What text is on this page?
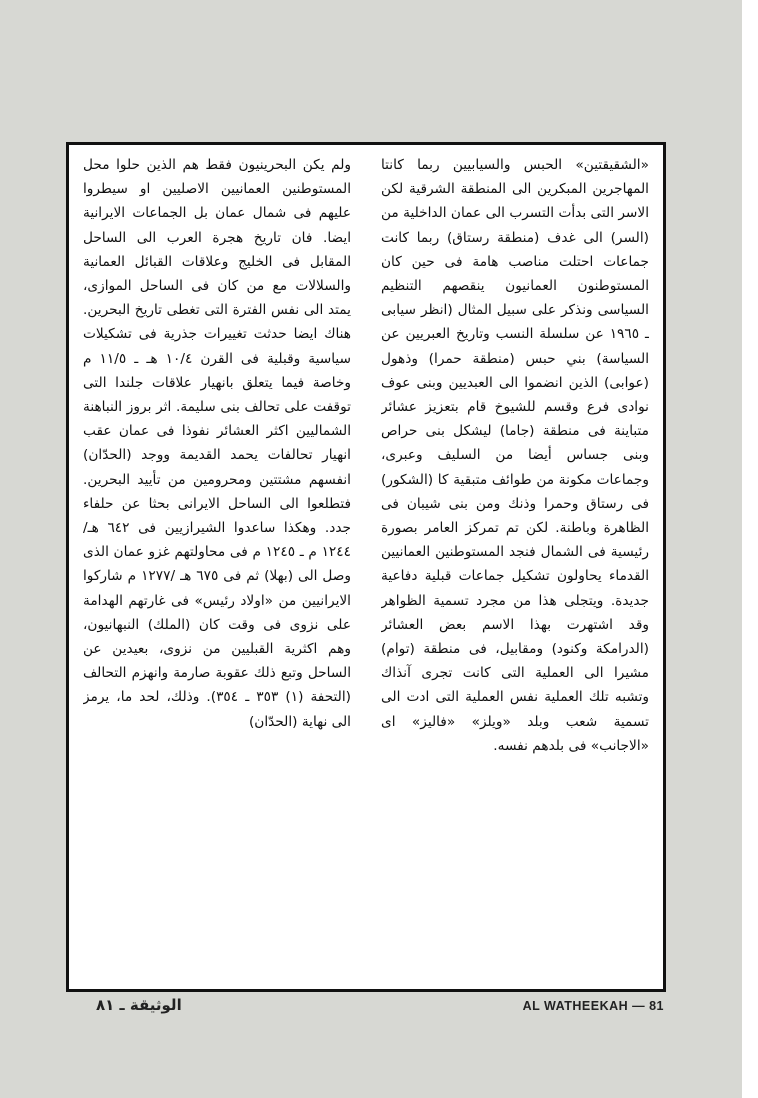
«الشقيقتين» الحبس والسيابيين ربما كانتا المهاجرين المبكرين الى المنطقة الشرقية لكن الاسر التى بدأت التسرب الى عمان الداخلية من (السر) الى غدف (منطقة رستاق) ربما كانت جماعات احتلت مناصب هامة فى حين كان المستوطنون العمانيون ينقصهم التنظيم السياسى ونذكر على سبيل المثال (انظر سيابى ـ ١٩٦٥ عن سلسلة النسب وتاريخ العبريين عن السياسة) بني حبس (منطقة حمرا) وذهول (عوابى) الذين انضموا الى العبديين وبنى عوف نوادى فرع وقسم للشيوخ قام بتعزيز عشائر متباينة فى منطقة (جاما) ليشكل بنى حراص وبنى جساس أيضا من السليف وعبرى، وجماعات مكونة من طوائف متبقية كا (الشكور) فى رستاق وحمرا وذنك ومن بنى شيبان فى الظاهرة وباطنة. لكن تم تمركز العامر بصورة رئيسية فى الشمال فنجد المستوطنين العمانيين القدماء يحاولون تشكيل جماعات قبلية دفاعية جديدة. ويتجلى هذا من مجرد تسمية الظواهر وقد اشتهرت بهذا الاسم بعض العشائر (الدرامكة وكنود) ومقابيل، فى منطقة (توام) مشيرا الى العملية التى كانت تجرى آنذاك وتشبه تلك العملية نفس العملية التى ادت الى تسمية شعب وبلد «ويلز» «فاليز» اى «الاجانب» فى بلدهم نفسه.

ولم يكن البحرينيون فقط هم الذين حلوا محل المستوطنين العمانيين الاصليين او سيطروا عليهم فى شمال عمان بل الجماعات الايرانية ايضا. فان تاريخ هجرة العرب الى الساحل المقابل فى الخليج وعلاقات القبائل العمانية والسلالات مع من كان فى الساحل الموازى، يمتد الى نفس الفترة التى تغطى تاريخ البحرين. هناك ايضا حدثت تغييرات جذرية فى تشكيلات سياسية وقبلية فى القرن ١٠/٤ هـ ـ ١١/٥ م وخاصة فيما يتعلق بانهيار علاقات جلندا التى توقفت على تحالف بنى سليمة. اثر بروز النباهنة الشماليين اكثر العشائر نفوذا فى عمان عقب انهيار تحالفات يحمد القديمة ووجد (الحدّان) انفسهم مشتتين ومحرومين من تأييد البحرين. فتطلعوا الى الساحل الايرانى بحثا عن حلفاء جدد. وهكذا ساعدوا الشيرازيين فى ٦٤٢ هـ/ ١٢٤٤ م ـ ١٢٤٥ م فى محاولتهم غزو عمان الذى وصل الى (بهلا) ثم فى ٦٧٥ هـ /١٢٧٧ م شاركوا الايرانيين من «اولاد رئيس» فى غارتهم الهدامة على نزوى فى وقت كان (الملك) النبهانيون، وهم اكثرية القبليين من نزوى، بعيدين عن الساحل وتبع ذلك عقوبة صارمة وانهزم التحالف (التحفة (١) ٣٥٣ ـ ٣٥٤). وذلك، لحد ما، يرمز الى نهاية (الحدّان)

الوثيقة ـ ٨١	AL WATHEEKAH — 81
